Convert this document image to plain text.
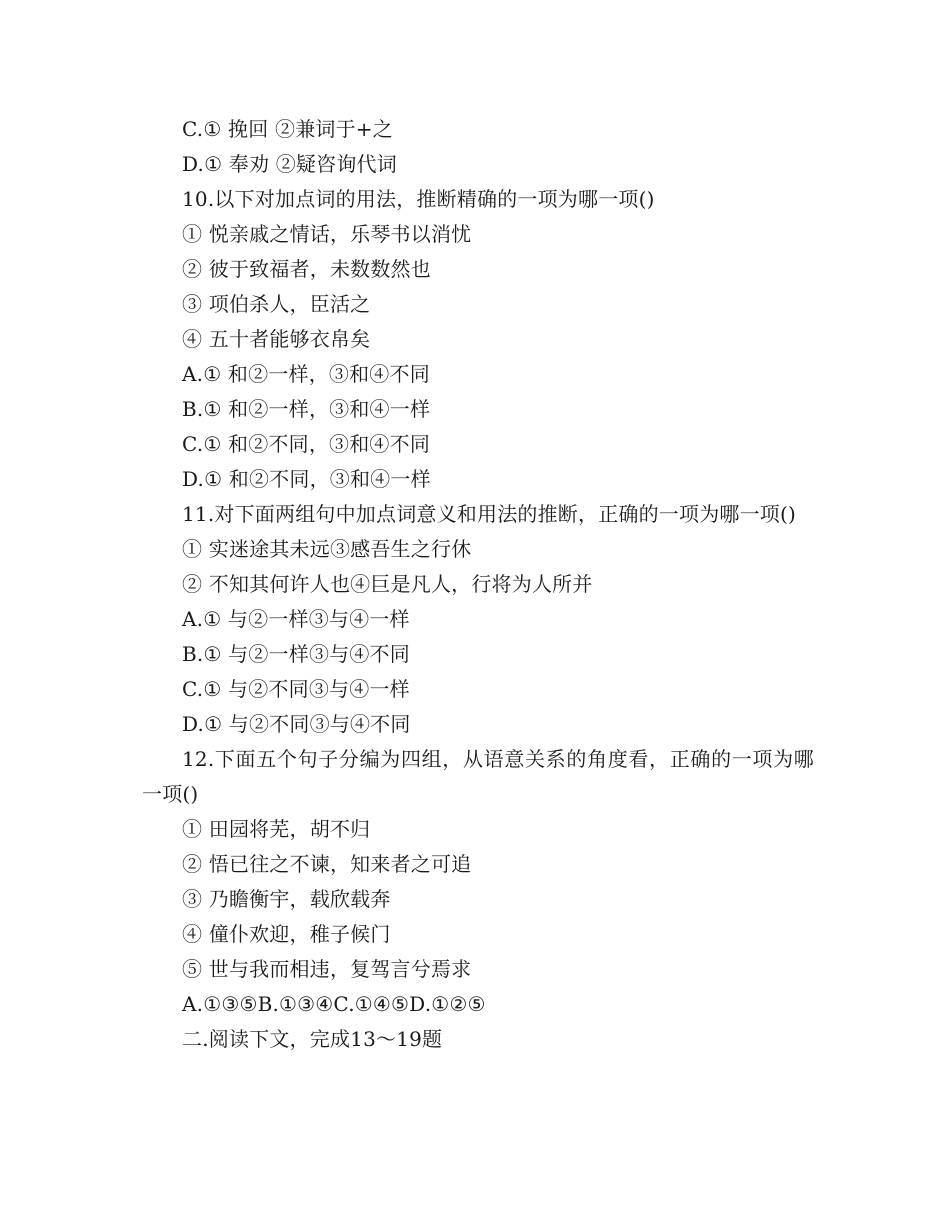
C.① 挽回 ②兼词于+之
D.① 奉劝 ②疑咨询代词
10.以下对加点词的用法，推断精确的一项为哪一项()
① 悦亲戚之情话，乐琴书以消忧
② 彼于致福者，未数数然也
③ 项伯杀人，臣活之
④ 五十者能够衣帛矣
A.① 和②一样，③和④不同
B.① 和②一样，③和④一样
C.① 和②不同，③和④不同
D.① 和②不同，③和④一样
11.对下面两组句中加点词意义和用法的推断，正确的一项为哪一项()
① 实迷途其未远③感吾生之行休
② 不知其何许人也④巨是凡人，行将为人所并
A.① 与②一样③与④一样
B.① 与②一样③与④不同
C.① 与②不同③与④一样
D.① 与②不同③与④不同
12.下面五个句子分编为四组，从语意关系的角度看，正确的一项为哪一项()
① 田园将芜，胡不归
② 悟已往之不谏，知来者之可追
③ 乃瞻衡宇，载欣载奔
④ 僮仆欢迎，稚子候门
⑤ 世与我而相违，复驾言兮焉求
A.①③⑤B.①③④C.①④⑤D.①②⑤
二.阅读下文，完成13～19题
